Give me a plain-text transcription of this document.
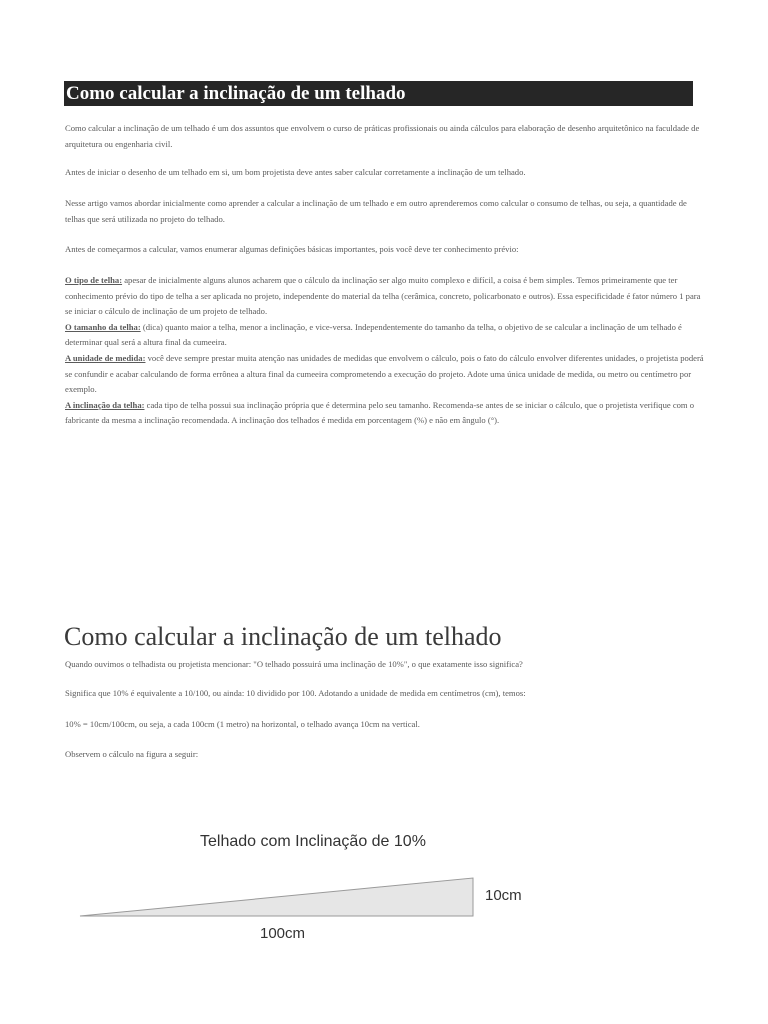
Como calcular a inclinação de um telhado

Como calcular a inclinação de um telhado é um dos assuntos que envolvem o curso de práticas profissionais ou ainda cálculos para elaboração de desenho arquitetônico na faculdade de arquitetura ou engenharia civil.

Antes de iniciar o desenho de um telhado em si, um bom projetista deve antes saber calcular corretamente a inclinação de um telhado.

Nesse artigo vamos abordar inicialmente como aprender a calcular a inclinação de um telhado e em outro aprenderemos como calcular o consumo de telhas, ou seja, a quantidade de telhas que será utilizada no projeto do telhado.

Antes de começarmos a calcular, vamos enumerar algumas definições básicas importantes, pois você deve ter conhecimento prévio:

O tipo de telha: apesar de inicialmente alguns alunos acharem que o cálculo da inclinação ser algo muito complexo e difícil, a coisa é bem simples. Temos primeiramente que ter conhecimento prévio do tipo de telha a ser aplicada no projeto, independente do material da telha (cerâmica, concreto, policarbonato e outros). Essa especificidade é fator número 1 para se iniciar o cálculo de inclinação de um projeto de telhado.

O tamanho da telha: (dica) quanto maior a telha, menor a inclinação, e vice-versa. Independentemente do tamanho da telha, o objetivo de se calcular a inclinação de um telhado é determinar qual será a altura final da cumeeira.

A unidade de medida: você deve sempre prestar muita atenção nas unidades de medidas que envolvem o cálculo, pois o fato do cálculo envolver diferentes unidades, o projetista poderá se confundir e acabar calculando de forma errônea a altura final da cumeeira comprometendo a execução do projeto. Adote uma única unidade de medida, ou metro ou centímetro por exemplo.

A inclinação da telha: cada tipo de telha possui sua inclinação própria que é determina pelo seu tamanho. Recomenda-se antes de se iniciar o cálculo, que o projetista verifique com o fabricante da mesma a inclinação recomendada. A inclinação dos telhados é medida em porcentagem (%) e não em ângulo (°).

Como calcular a inclinação de um telhado
Quando ouvimos o telhadista ou projetista mencionar: "O telhado possuirá uma inclinação de 10%", o que exatamente isso significa?
Significa que 10% é equivalente a 10/100, ou ainda: 10 dividido por 100. Adotando a unidade de medida em centímetros (cm), temos:
10% = 10cm/100cm, ou seja, a cada 100cm (1 metro) na horizontal, o telhado avança 10cm na vertical.
Observem o cálculo na figura a seguir:
Telhado com Inclinação de 10%
10cm
100cm
